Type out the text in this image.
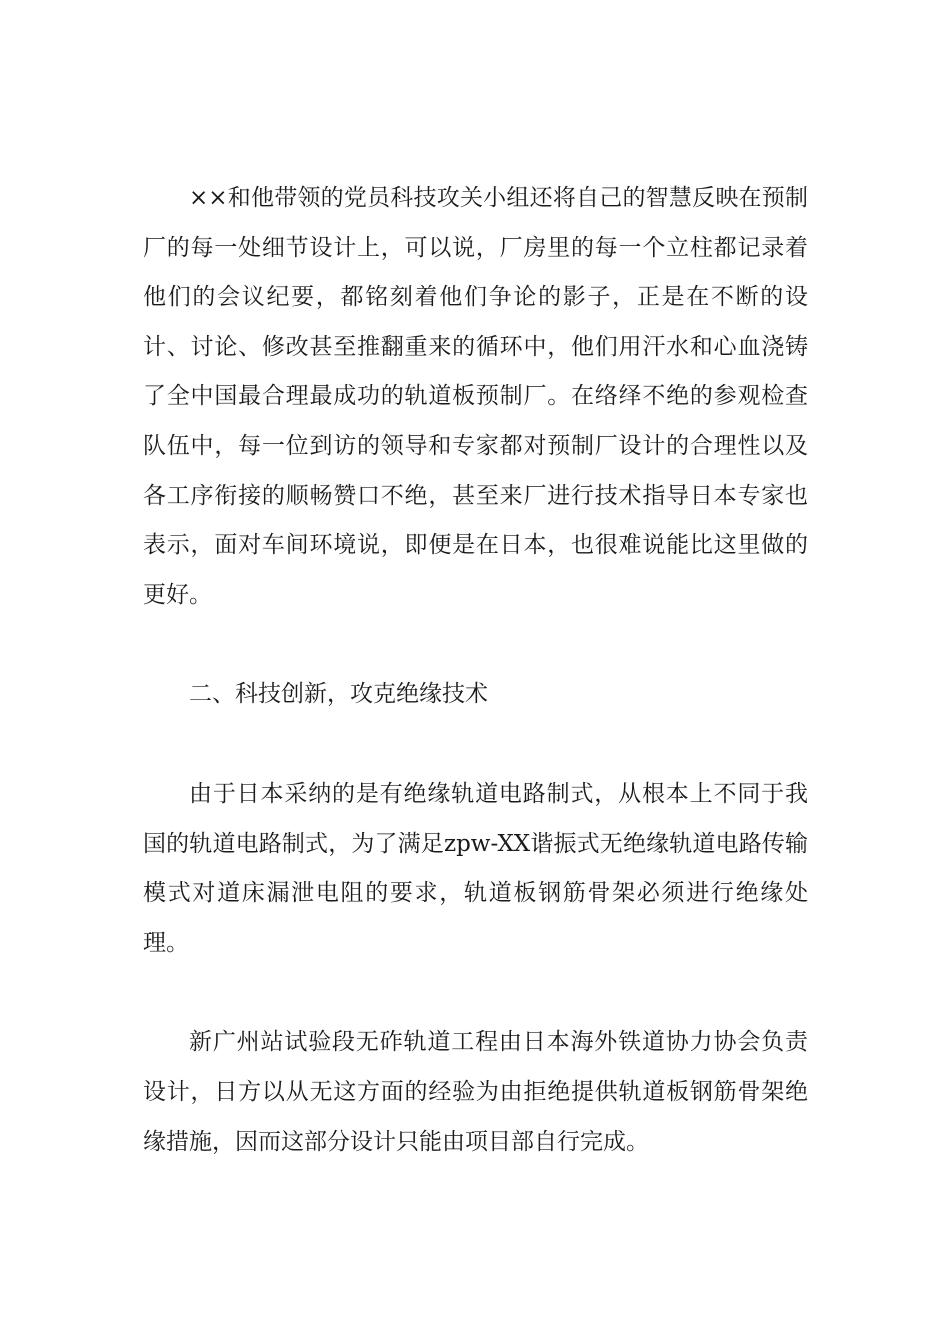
××和他带领的党员科技攻关小组还将自己的智慧反映在预制厂的每一处细节设计上，可以说，厂房里的每一个立柱都记录着他们的会议纪要，都铭刻着他们争论的影子，正是在不断的设计、讨论、修改甚至推翻重来的循环中，他们用汗水和心血浇铸了全中国最合理最成功的轨道板预制厂。在络绎不绝的参观检查队伍中，每一位到访的领导和专家都对预制厂设计的合理性以及各工序衔接的顺畅赞口不绝，甚至来厂进行技术指导日本专家也表示，面对车间环境说，即便是在日本，也很难说能比这里做的更好。

二、科技创新，攻克绝缘技术

由于日本采纳的是有绝缘轨道电路制式，从根本上不同于我国的轨道电路制式，为了满足zpw-XX谐振式无绝缘轨道电路传输模式对道床漏泄电阻的要求，轨道板钢筋骨架必须进行绝缘处理。

新广州站试验段无砟轨道工程由日本海外铁道协力协会负责设计，日方以从无这方面的经验为由拒绝提供轨道板钢筋骨架绝缘措施，因而这部分设计只能由项目部自行完成。
